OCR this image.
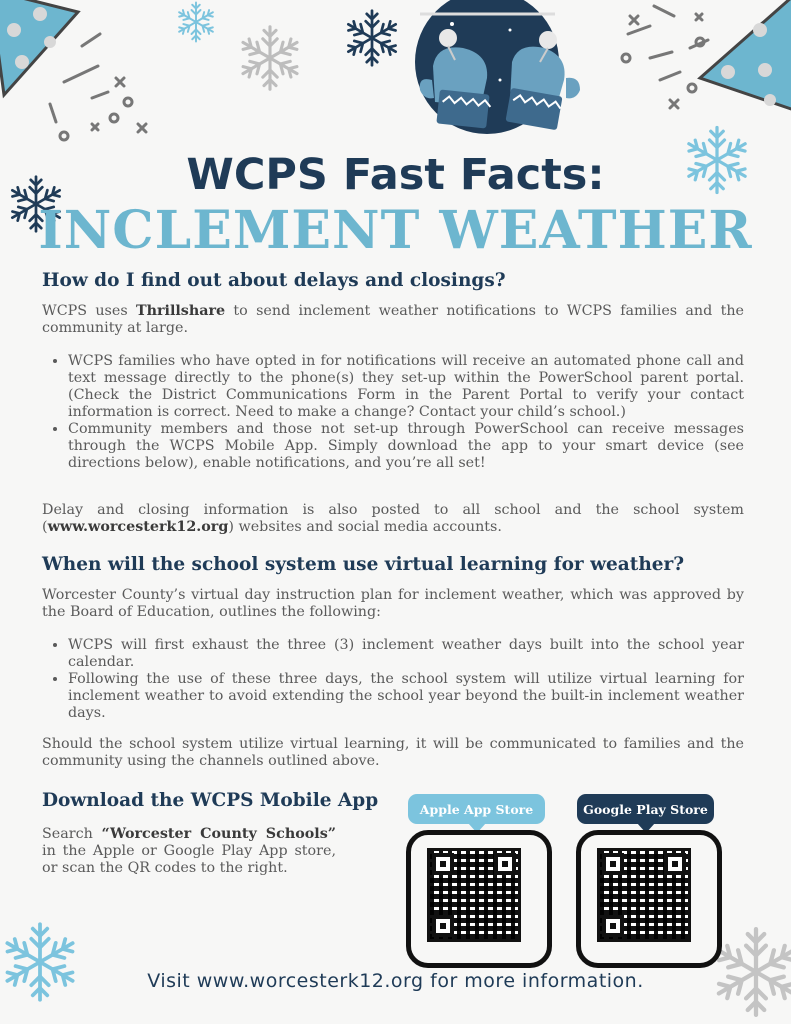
WCPS Fast Facts:
INCLEMENT WEATHER
How do I find out about delays and closings?
WCPS uses Thrillshare to send inclement weather notifications to WCPS families and the community at large.
• WCPS families who have opted in for notifications will receive an automated phone call and text message directly to the phone(s) they set-up within the PowerSchool parent portal. (Check the District Communications Form in the Parent Portal to verify your contact information is correct. Need to make a change? Contact your child’s school.)
• Community members and those not set-up through PowerSchool can receive messages through the WCPS Mobile App. Simply download the app to your smart device (see directions below), enable notifications, and you’re all set!
Delay and closing information is also posted to all school and the school system (www.worcesterk12.org) websites and social media accounts.
When will the school system use virtual learning for weather?
Worcester County’s virtual day instruction plan for inclement weather, which was approved by the Board of Education, outlines the following:
• WCPS will first exhaust the three (3) inclement weather days built into the school year calendar.
• Following the use of these three days, the school system will utilize virtual learning for inclement weather to avoid extending the school year beyond the built-in inclement weather days.
Should the school system utilize virtual learning, it will be communicated to families and the community using the channels outlined above.
Download the WCPS Mobile App
Search “Worcester County Schools” in the Apple or Google Play App store, or scan the QR codes to the right.
Apple App Store	Google Play Store
Visit www.worcesterk12.org for more information.
